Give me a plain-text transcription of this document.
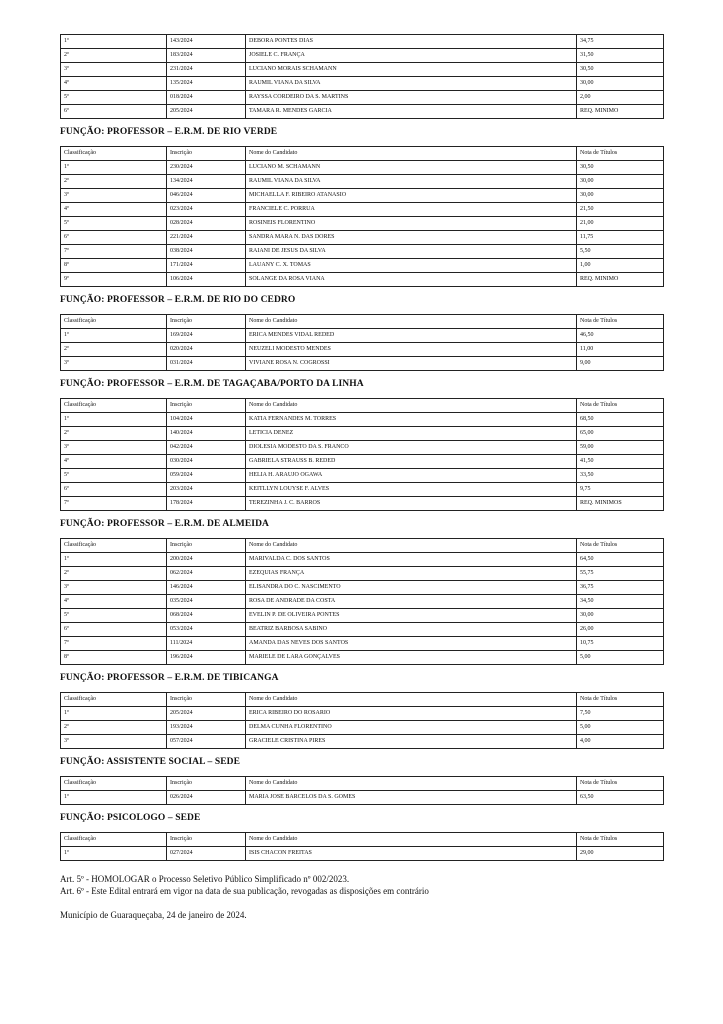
1º	143/2024	DEBORA PONTES DIAS	34,75
2º	183/2024	JOSIELE C. FRANÇA	31,50
3º	231/2024	LUCIANO MORAIS SCHAMANN	30,50
4º	135/2024	RAUMIL VIANA DA SILVA	30,00
5º	018/2024	RAYSSA CORDEIRO DA S. MARTINS	2,00
6º	205/2024	TAMARA R. MENDES GARCIA	REQ. MINIMO
FUNÇÃO: PROFESSOR – E.R.M. DE RIO VERDE
Classificação	Inscrição	Nome do Candidato	Nota de Títulos
1º	230/2024	LUCIANO M. SCHAMANN	30,50
2º	134/2024	RAUMIL VIANA DA SILVA	30,00
3º	046/2024	MICHAELLA F. RIBEIRO ATANASIO	30,00
4º	023/2024	FRANCIELE C. PORRUA	21,50
5º	028/2024	ROSINEIS FLORENTINO	21,00
6º	221/2024	SANDRA MARA N. DAS DORES	11,75
7º	038/2024	RAIANI DE JESUS DA SILVA	5,50
8º	171/2024	LAUANY C. X. TOMAS	1,00
9º	106/2024	SOLANGE DA ROSA VIANA	REQ. MINIMO
FUNÇÃO: PROFESSOR – E.R.M. DE RIO DO CEDRO
Classificação	Inscrição	Nome do Candidato	Nota de Títulos
1º	169/2024	ERICA MENDES VIDAL REDED	46,50
2º	020/2024	NEUZELI MODESTO MENDES	11,00
3º	031/2024	VIVIANE ROSA N. COGROSSI	9,00
FUNÇÃO: PROFESSOR – E.R.M. DE TAGAÇABA/PORTO DA LINHA
Classificação	Inscrição	Nome do Candidato	Nota de Títulos
1º	104/2024	KATIA FERNANDES M. TORRES	68,50
2º	140/2024	LETICIA DENEZ	65,00
3º	042/2024	DIOLESIA MODESTO DA S. FRANCO	59,00
4º	030/2024	GABRIELA STRAUSS B. REDED	41,50
5º	059/2024	HELIA H. ARAUJO OGAWA	33,50
6º	203/2024	KEITLLYN LOUYSE F. ALVES	9,75
7º	178/2024	TEREZINHA J. C. BARROS	REQ. MINIMOS
FUNÇÃO: PROFESSOR – E.R.M. DE ALMEIDA
Classificação	Inscrição	Nome do Candidato	Nota de Títulos
1º	200/2024	MARIVALDA C. DOS SANTOS	64,50
2º	062/2024	EZEQUIAS FRANÇA	55,75
3º	146/2024	ELISANDRA DO C. NASCIMENTO	36,75
4º	035/2024	ROSA DE ANDRADE DA COSTA	34,50
5º	068/2024	EVELIN P. DE OLIVEIRA PONTES	30,00
6º	053/2024	BEATRIZ BARBOSA SABINO	26,00
7º	111/2024	AMANDA DAS NEVES DOS SANTOS	10,75
8º	196/2024	MARIELE DE LARA GONÇALVES	5,00
FUNÇÃO: PROFESSOR – E.R.M. DE TIBICANGA
Classificação	Inscrição	Nome do Candidato	Nota de Títulos
1º	205/2024	ERICA RIBEIRO DO ROSARIO	7,50
2º	193/2024	DELMA CUNHA FLORENTINO	5,00
3º	057/2024	GRACIELE CRISTINA PIRES	4,00
FUNÇÃO: ASSISTENTE SOCIAL – SEDE
Classificação	Inscrição	Nome do Candidato	Nota de Títulos
1º	026/2024	MARIA JOSE BARCELOS DA S. GOMES	63,50
FUNÇÃO: PSICOLOGO – SEDE
Classificação	Inscrição	Nome do Candidato	Nota de Títulos
1º	027/2024	ISIS CHACON FREITAS	29,00

Art. 5º - HOMOLOGAR o Processo Seletivo Público Simplificado nº 002/2023.

Art. 6º - Este Edital entrará em vigor na data de sua publicação, revogadas as disposições em contrário

Município de Guaraqueçaba, 24 de janeiro de 2024.
